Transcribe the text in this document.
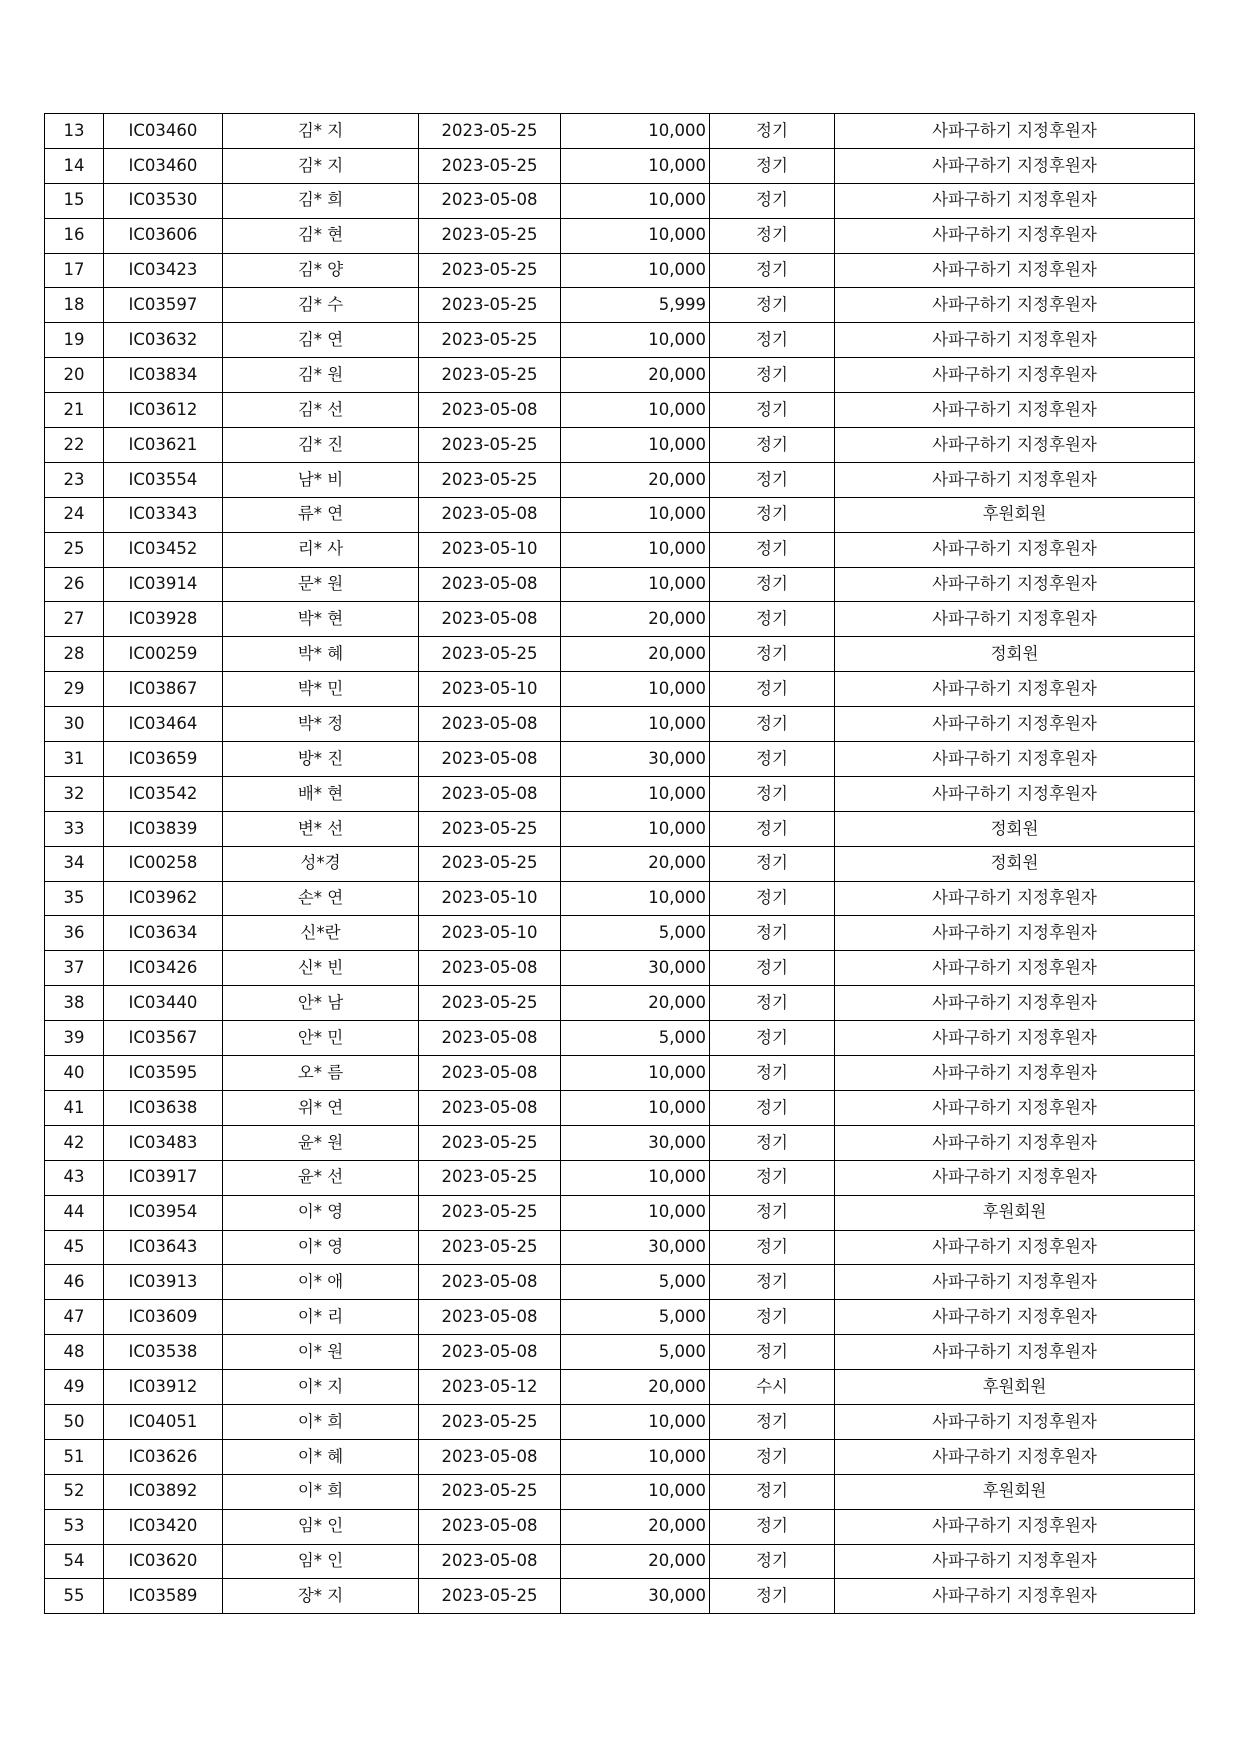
13	IC03460	김* 지	2023-05-25	10,000	정기	사파구하기 지정후원자
14	IC03460	김* 지	2023-05-25	10,000	정기	사파구하기 지정후원자
15	IC03530	김* 희	2023-05-08	10,000	정기	사파구하기 지정후원자
16	IC03606	김* 현	2023-05-25	10,000	정기	사파구하기 지정후원자
17	IC03423	김* 양	2023-05-25	10,000	정기	사파구하기 지정후원자
18	IC03597	김* 수	2023-05-25	5,999	정기	사파구하기 지정후원자
19	IC03632	김* 연	2023-05-25	10,000	정기	사파구하기 지정후원자
20	IC03834	김* 원	2023-05-25	20,000	정기	사파구하기 지정후원자
21	IC03612	김* 선	2023-05-08	10,000	정기	사파구하기 지정후원자
22	IC03621	김* 진	2023-05-25	10,000	정기	사파구하기 지정후원자
23	IC03554	남* 비	2023-05-25	20,000	정기	사파구하기 지정후원자
24	IC03343	류* 연	2023-05-08	10,000	정기	후원회원
25	IC03452	리* 사	2023-05-10	10,000	정기	사파구하기 지정후원자
26	IC03914	문* 원	2023-05-08	10,000	정기	사파구하기 지정후원자
27	IC03928	박* 현	2023-05-08	20,000	정기	사파구하기 지정후원자
28	IC00259	박* 혜	2023-05-25	20,000	정기	정회원
29	IC03867	박* 민	2023-05-10	10,000	정기	사파구하기 지정후원자
30	IC03464	박* 정	2023-05-08	10,000	정기	사파구하기 지정후원자
31	IC03659	방* 진	2023-05-08	30,000	정기	사파구하기 지정후원자
32	IC03542	배* 현	2023-05-08	10,000	정기	사파구하기 지정후원자
33	IC03839	변* 선	2023-05-25	10,000	정기	정회원
34	IC00258	성*경	2023-05-25	20,000	정기	정회원
35	IC03962	손* 연	2023-05-10	10,000	정기	사파구하기 지정후원자
36	IC03634	신*란	2023-05-10	5,000	정기	사파구하기 지정후원자
37	IC03426	신* 빈	2023-05-08	30,000	정기	사파구하기 지정후원자
38	IC03440	안* 남	2023-05-25	20,000	정기	사파구하기 지정후원자
39	IC03567	안* 민	2023-05-08	5,000	정기	사파구하기 지정후원자
40	IC03595	오* 름	2023-05-08	10,000	정기	사파구하기 지정후원자
41	IC03638	위* 연	2023-05-08	10,000	정기	사파구하기 지정후원자
42	IC03483	윤* 원	2023-05-25	30,000	정기	사파구하기 지정후원자
43	IC03917	윤* 선	2023-05-25	10,000	정기	사파구하기 지정후원자
44	IC03954	이* 영	2023-05-25	10,000	정기	후원회원
45	IC03643	이* 영	2023-05-25	30,000	정기	사파구하기 지정후원자
46	IC03913	이* 애	2023-05-08	5,000	정기	사파구하기 지정후원자
47	IC03609	이* 리	2023-05-08	5,000	정기	사파구하기 지정후원자
48	IC03538	이* 원	2023-05-08	5,000	정기	사파구하기 지정후원자
49	IC03912	이* 지	2023-05-12	20,000	수시	후원회원
50	IC04051	이* 희	2023-05-25	10,000	정기	사파구하기 지정후원자
51	IC03626	이* 혜	2023-05-08	10,000	정기	사파구하기 지정후원자
52	IC03892	이* 희	2023-05-25	10,000	정기	후원회원
53	IC03420	임* 인	2023-05-08	20,000	정기	사파구하기 지정후원자
54	IC03620	임* 인	2023-05-08	20,000	정기	사파구하기 지정후원자
55	IC03589	장* 지	2023-05-25	30,000	정기	사파구하기 지정후원자
